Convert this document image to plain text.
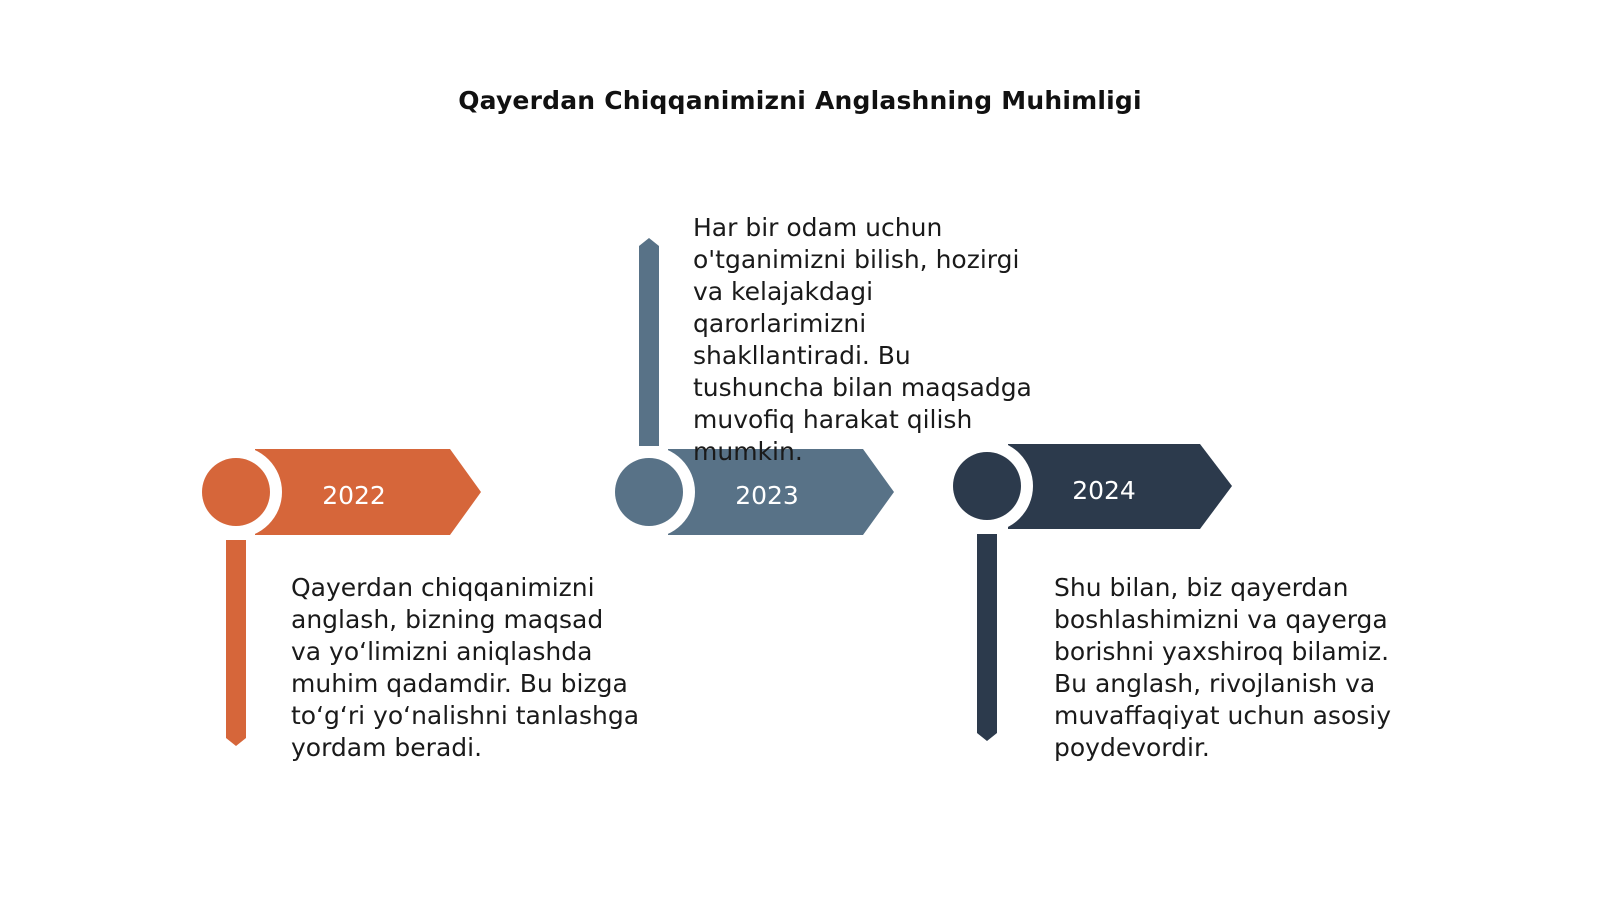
Qayerdan Chiqqanimizni Anglashning Muhimligi
2022	2023	2024
Qayerdan chiqqanimizni anglash, bizning maqsad va yoʻlimizni aniqlashda muhim qadamdir. Bu bizga toʻgʻri yoʻnalishni tanlashga yordam beradi.
Har bir odam uchun o'tganimizni bilish, hozirgi va kelajakdagi qarorlarimizni shakllantiradi. Bu tushuncha bilan maqsadga muvofiq harakat qilish mumkin.
Shu bilan, biz qayerdan boshlashimizni va qayerga borishni yaxshiroq bilamiz. Bu anglash, rivojlanish va muvaffaqiyat uchun asosiy poydevordir.
